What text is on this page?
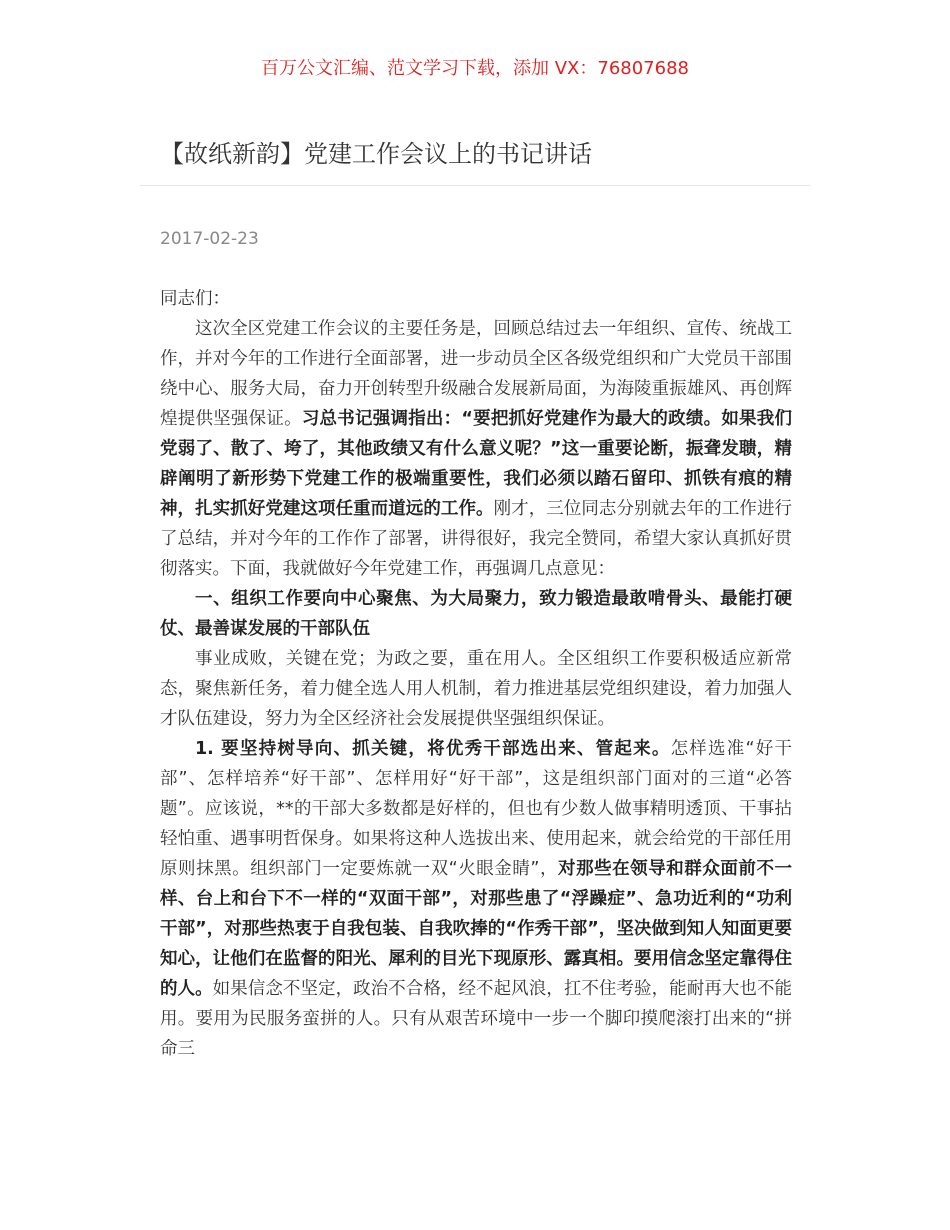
百万公文汇编、范文学习下载，添加 VX：76807688
【故纸新韵】党建工作会议上的书记讲话
2017-02-23

同志们：

这次全区党建工作会议的主要任务是，回顾总结过去一年组织、宣传、统战工作，并对今年的工作进行全面部署，进一步动员全区各级党组织和广大党员干部围绕中心、服务大局，奋力开创转型升级融合发展新局面，为海陵重振雄风、再创辉煌提供坚强保证。习总书记强调指出：“要把抓好党建作为最大的政绩。如果我们党弱了、散了、垮了，其他政绩又有什么意义呢？”这一重要论断，振聋发聩，精辟阐明了新形势下党建工作的极端重要性，我们必须以踏石留印、抓铁有痕的精神，扎实抓好党建这项任重而道远的工作。刚才，三位同志分别就去年的工作进行了总结，并对今年的工作作了部署，讲得很好，我完全赞同，希望大家认真抓好贯彻落实。下面，我就做好今年党建工作，再强调几点意见：

一、组织工作要向中心聚焦、为大局聚力，致力锻造最敢啃骨头、最能打硬仗、最善谋发展的干部队伍

事业成败，关键在党；为政之要，重在用人。全区组织工作要积极适应新常态，聚焦新任务，着力健全选人用人机制，着力推进基层党组织建设，着力加强人才队伍建设，努力为全区经济社会发展提供坚强组织保证。

1. 要坚持树导向、抓关键，将优秀干部选出来、管起来。怎样选准“好干部”、怎样培养“好干部”、怎样用好“好干部”，这是组织部门面对的三道“必答题”。应该说，**的干部大多数都是好样的，但也有少数人做事精明透顶、干事拈轻怕重、遇事明哲保身。如果将这种人选拔出来、使用起来，就会给党的干部任用原则抹黑。组织部门一定要炼就一双“火眼金睛”，对那些在领导和群众面前不一样、台上和台下不一样的“双面干部”，对那些患了“浮躁症”、急功近利的“功利干部”，对那些热衷于自我包装、自我吹捧的“作秀干部”，坚决做到知人知面更要知心，让他们在监督的阳光、犀利的目光下现原形、露真相。要用信念坚定靠得住的人。如果信念不坚定，政治不合格，经不起风浪，扛不住考验，能耐再大也不能用。要用为民服务蛮拼的人。只有从艰苦环境中一步一个脚印摸爬滚打出来的“拼命三
